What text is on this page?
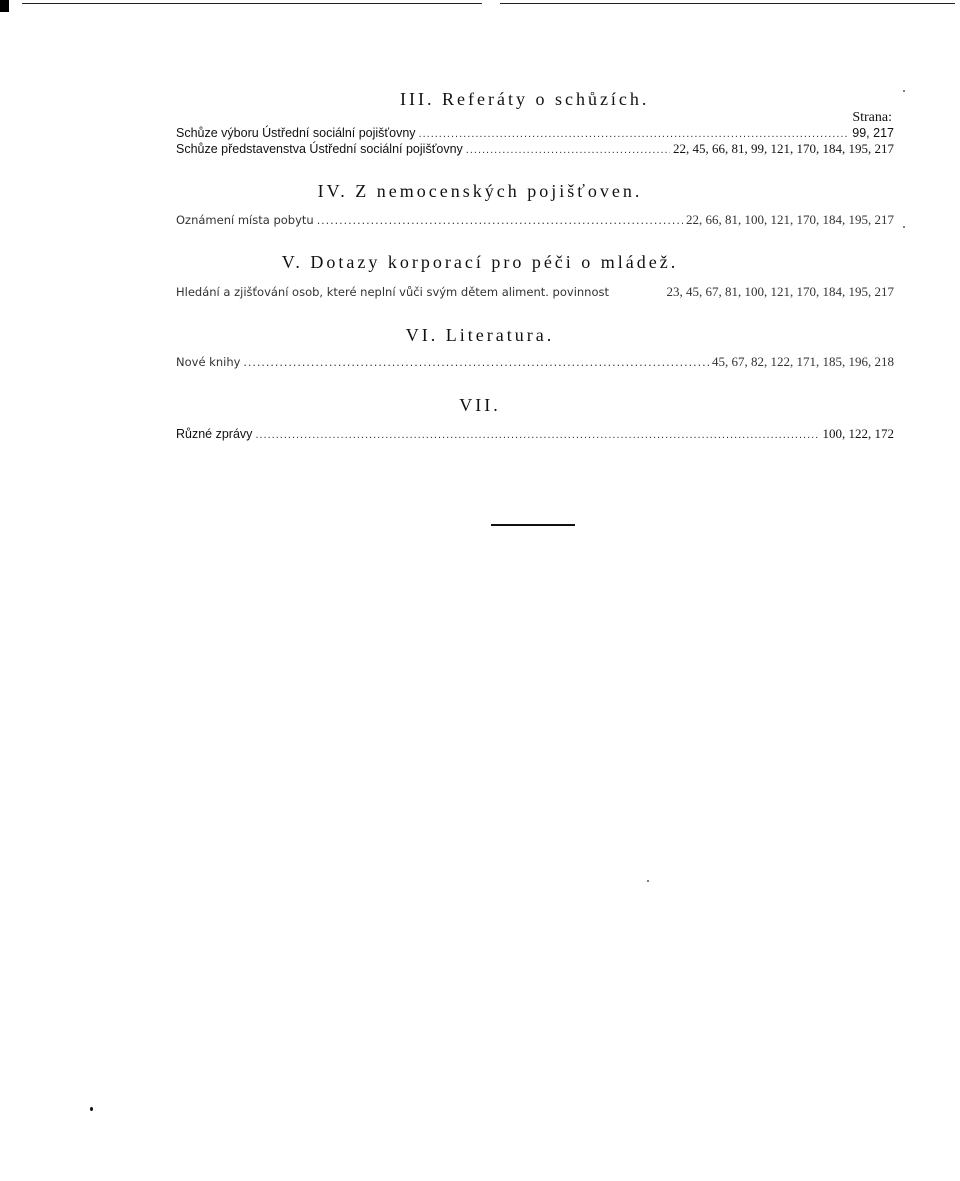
III. Referáty o schůzích.
Strana:
Schůze výboru Ústřední sociální pojišťovny .....	99, 217
Schůze představenstva Ústřední sociální pojišťovny .....	22, 45, 66, 81, 99, 121, 170, 184, 195, 217
IV. Z nemocenských pojišťoven.
Oznámení místa pobytu .....	22, 66, 81, 100, 121, 170, 184, 195, 217
V. Dotazy korporací pro péči o mládež.
Hledání a zjišťování osob, které neplní vůči svým dětem aliment. povinnost	23, 45, 67, 81, 100, 121, 170, 184, 195, 217
VI. Literatura.
Nové knihy .....	45, 67, 82, 122, 171, 185, 196, 218
VII.
Různé zprávy .....	100, 122, 172
